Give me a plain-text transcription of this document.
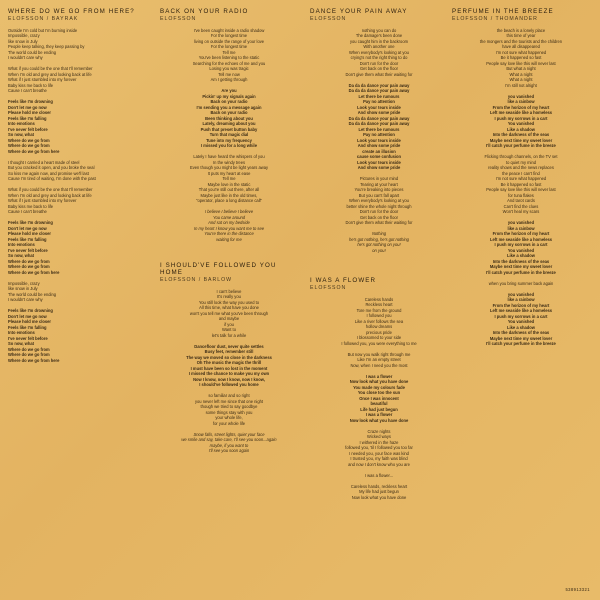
WHERE DO WE GO FROM HERE?
ELOFSSON / BAYRAK

Outside I'm cold but I'm burning inside

Impossible, crazy

like snow in July

People keep talking, they keep passing by

The world could be ending

I wouldn't care why

What if you could be the one that I'll remember

When I'm old and grey and looking back at life

What if I just stumbled into my forever

Baby kiss me back to life

Cause I can't breathe

Feels like I'm drowning

Don't let me go now

Please hold me closer

Feels like I'm falling

Into emotions

I've never felt before

So now, what

Where do we go from

Where do we go from

Where do we go from here

I thought I carried a heart made of steel

But you cracked it open, and you broke the seal

So kiss me again now, and promise we'll last

Cause I'm tired of waiting, I'm done with the past

What if you could be the one that I'll remember

When I'm old and grey and looking back at life

What if I just stumbled into my forever

Baby kiss me back to life

Cause I can't breathe

Feels like I'm drowning

Don't let me go now

Please hold me closer

Feels like I'm falling

Into emotions

I've never felt before

So now, what

Where do we go from

Where do we go from

Where do we go from here

Impossible, crazy

like snow in July

The world could be ending

I wouldn't care why

Feels like I'm drowning

Don't let me go now

Please hold me closer

Feels like I'm falling

Into emotions

I've never felt before

So now, what

Where do we go from

Where do we go from

Where do we go from here

BACK ON YOUR RADIO
ELOFSSON

I've been caught inside a radio shadow

For the longest time

living on outside the range of your love

For the longest time

Tell me

You've been listening to the static

Searching for the echoes of me and you

Losing you was tragic

Tell me now

Am I getting through

Are you

Pickin' up my signals again

Back on your radio

I'm sending you a message again

Back on your radio

Been thinking about you

Lately, dreaming about you

Push that preset button baby

Turn that magic dial

Tune into my frequency

I missed you for a long while

Lately I have heard the whispers of you

In the windy trees

Even though you might be light years away

It puts my heart at ease

Tell me

Maybe love in the static

That you're still out there, after all

Maybe just like in the old times,

"operator, place a long distance call"

I believe I believe I believe

You came around

And sat on my bedside

In my heart I know you want me to see

You're there in the distance

waiting for me

I SHOULD'VE FOLLOWED YOU HOME
ELOFSSON / BARLOW

I can't believe

It's really you

You still look the way you used to

All this time, what have you done

won't you tell me what you've been through

and maybe

if you

Want to

let's talk for a while

Dancefloor dust, never quite settles

Busy feet, remember still

The way we moved so close in the darkness

Oh The music the magic the thrill

I must have been so lost in the moment

I missed the chance to make you my own

Now I know, now I know, now I know,

I should've followed you home

so familiar and so right

you never left me since that one night

though we tried to say goodbye

some things stay with you

your whole life,

for your whole life

Snow falls, street lights, quiet your face

we smile and say, take care, I'll see you soon...again

maybe, if you want to

I'll see you soon again

DANCE YOUR PAIN AWAY
ELOFSSON

nothing you can do

The damage's been done

you caught him in the backroom

With another one

When everybody's looking at you

crying's not the right thing to do

Don't run for the door

Get back on the floor

Don't give them what their waiting for

Da da da dance your pain away

Da da da dance your pain away

Let there be rumours

Pay no attention

Look your tears inside

And show some pride

Da da da dance your pain away

Da da da dance your pain away

Let there be rumours

Pay no attention

Look your tears inside

And show some pride

create an illusion

cause some confusion

Look your tears inside

And show some pride

Pictures in your mind

Tearing at your heart

You're breaking into pieces

But you can't fall apart

When everybody's looking at you

better shine the whole night through

Don't run for the door

Get back on the floor

Don't give them what their waiting for

Nothing

he's got nothing, he's got nothing

he's got nothing on you!

on you!

I WAS A FLOWER
ELOFSSON

Careless hands

Reckless heart

Tore me from the ground

I followed you

Like a river follows the sea

hollow dreams

precious pride

I blossomed to your side

I followed you, you were everything to me

But now you walk right through me

Like I'm an empty street

Now, when I need you the most

I was a flower

Now look what you have done

You made my colours fade

You close too the sun

Once I was innocent

beautiful

Life had just begun

I was a flower

Now look what you have done

Craze nights

Wicked ways

I withered in the haze

followed you, 'til I followed you too far

I needed you, your face was kind

I trusted you, my faith was blind

and now I don't know who you are

I was a flower...

Careless hands, reckless heart

My life had just begun

Now look what you have done

PERFUME IN THE BREEZE
ELOFSSON / THOMANDER

the beach is a lonely place

this time of year

the mongers and the tourists and the children

have all disappeared

I'm not sure what happened

Be it happened so fast

People say love like this will never last

But what a night

What a night

What a night

I'm still not alright

you vanished

like a rainbow

From the horizon of my heart

Left me seaside like a homeless

I push my sorrows in a cart

You vanished

Like a shadow

Into the darkness of the seas

Maybe next time my sweet lover

I'll catch your perfume in the breeze

Flicking through channels, on the TV set

to quiet my mind

reality shows and the news replaces

the peace I can't find

I'm not sure what happened

Be it happened so fast

People say love like this will never last

for tuna flakes

And tarot cards

Can't find the clues

Won't heal my scars

you vanished

like a rainbow

From the horizon of my heart

Left me seaside like a homeless

I push my sorrows in a cart

You vanished

Like a shadow

Into the darkness of the seas

Maybe next time my sweet lover

I'll catch your perfume in the breeze

when you bring summer back again

you vanished

like a rainbow

From the horizon of my heart

Left me seaside like a homeless

I push my sorrows in a cart

You vanished

Like a shadow

Into the darkness of the seas

Maybe next time my sweet lover

I'll catch your perfume in the breeze

538913321
